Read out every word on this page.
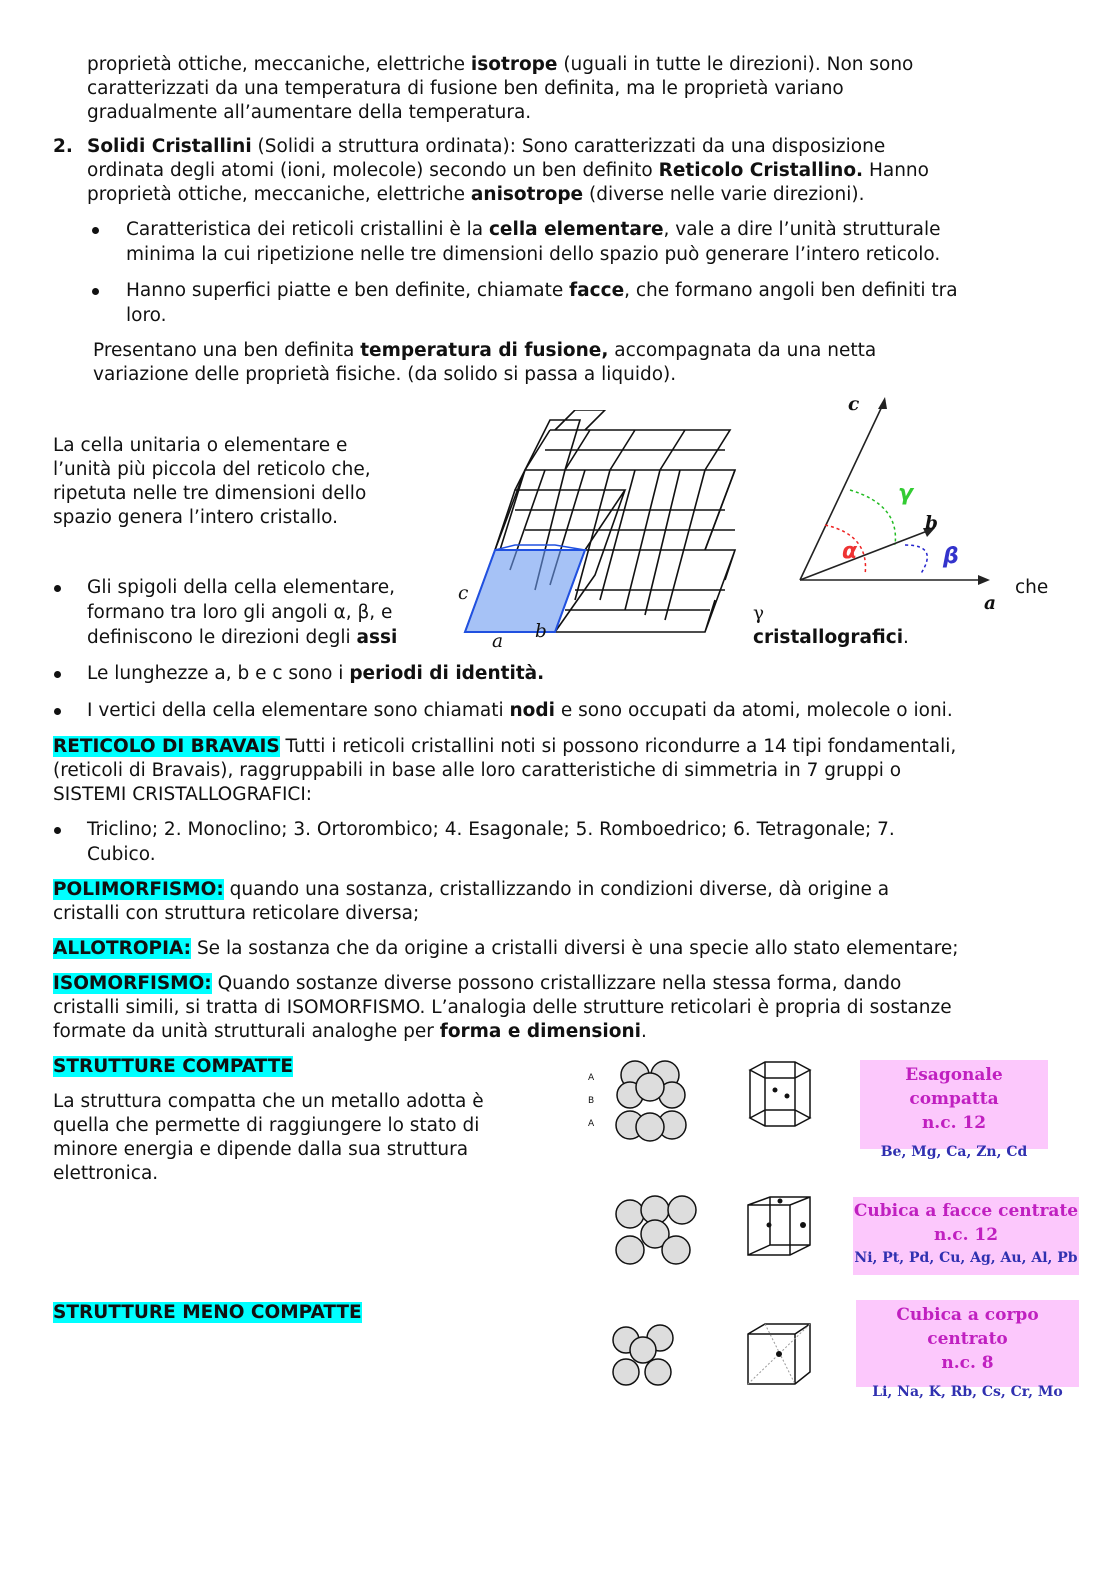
proprietà ottiche, meccaniche, elettriche isotrope (uguali in tutte le direzioni). Non sono
caratterizzati da una temperatura di fusione ben definita, ma le proprietà variano
gradualmente all’aumentare della temperatura.
2. Solidi Cristallini (Solidi a struttura ordinata): Sono caratterizzati da una disposizione
ordinata degli atomi (ioni, molecole) secondo un ben definito Reticolo Cristallino. Hanno
proprietà ottiche, meccaniche, elettriche anisotrope (diverse nelle varie direzioni).
Caratteristica dei reticoli cristallini è la cella elementare, vale a dire l’unità strutturale
minima la cui ripetizione nelle tre dimensioni dello spazio può generare l’intero reticolo.
Hanno superfici piatte e ben definite, chiamate facce, che formano angoli ben definiti tra
loro.
Presentano una ben definita temperatura di fusione, accompagnata da una netta
variazione delle proprietà fisiche. (da solido si passa a liquido).
La cella unitaria o elementare e
l’unità più piccola del reticolo che,
ripetuta nelle tre dimensioni dello
spazio genera l’intero cristallo.
c
a b
c
a
b
α	β
γ
Gli spigoli della cella elementare,
formano tra loro gli angoli α, β, e
definiscono le direzioni degli assi
che
γ
cristallografici.
Le lunghezze a, b e c sono i periodi di identità.
I vertici della cella elementare sono chiamati nodi e sono occupati da atomi, molecole o ioni.
RETICOLO DI BRAVAIS Tutti i reticoli cristallini noti si possono ricondurre a 14 tipi fondamentali,
(reticoli di Bravais), raggruppabili in base alle loro caratteristiche di simmetria in 7 gruppi o
SISTEMI CRISTALLOGRAFICI:
Triclino; 2. Monoclino; 3. Ortorombico; 4. Esagonale; 5. Romboedrico; 6. Tetragonale; 7.
Cubico.
POLIMORFISMO: quando una sostanza, cristallizzando in condizioni diverse, dà origine a
cristalli con struttura reticolare diversa;
ALLOTROPIA: Se la sostanza che da origine a cristalli diversi è una specie allo stato elementare;
ISOMORFISMO: Quando sostanze diverse possono cristallizzare nella stessa forma, dando
cristalli simili, si tratta di ISOMORFISMO. L’analogia delle strutture reticolari è propria di sostanze
formate da unità strutturali analoghe per forma e dimensioni.
STRUTTURE COMPATTE
La struttura compatta che un metallo adotta è
quella che permette di raggiungere lo stato di
minore energia e dipende dalla sua struttura
elettronica.
STRUTTURE MENO COMPATTE
A
B
A
Esagonale compatta
n.c. 12
Be, Mg, Ca, Zn, Cd
Cubica a facce centrate
n.c. 12
Ni, Pt, Pd, Cu, Ag, Au, Al, Pb
Cubica a corpo centrato
n.c. 8
Li, Na, K, Rb, Cs, Cr, Mo
